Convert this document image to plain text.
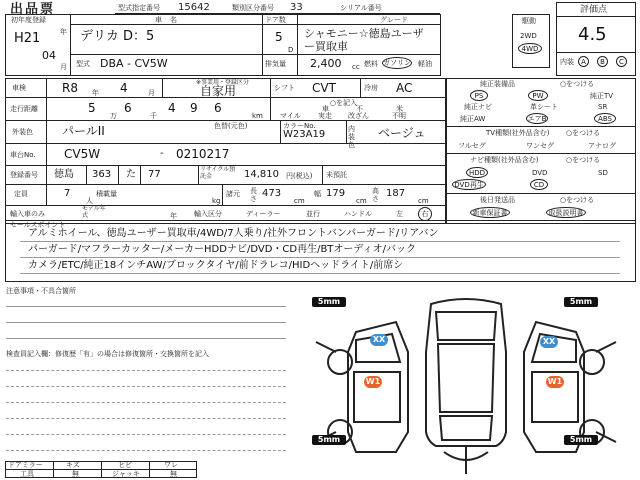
出品票	型式指定番号 15642	類別区分番号 33	シリアル番号
初年度登録
H21	年
04
月
車名
デリカ D：5
型式 DBA - CV5W
ドア数
5
D
グレード
シャモニー☆徳島ユーザー買取車
排気量 2,400 cc 燃料 ガソリン 軽油
駆動
2WD
4WD
評価点
4.5
内装	A	B	C
車検	R8 年 4	月
※事業用・登録区分
自家用	シフト CVT	冷房 AC
走行距離	5 6	4 9 6
万	千	km
○を記入
マイル 実走 改ざん	不明
車	不	米
外装色 パールII	色替(元色)	カラーNo.
W23A19	内装色
ベージュ
車台No. CV5W	- 0210217
登録番号 徳島 363 た 77	リサイクル預託金	14,810 円(税込) 未預託
定員	7
人
積載量
kg
諸元 長さ 473
cm
幅 179
cm
高さ 187
cm
輸入車のみ
モデル年式	年 輸入区分	ディーラー	並行	ハンドル	左	右
純正装備品	○をつける
PS	PW	純正TV
純正ナビ	革シート	SR
純正AW	エアB	ABS
TV種類(社外品含む) ○をつける
フルセグ	ワンセグ	アナログ
ナビ種類(社外品含む)	○をつける
HDD	DVD	SD
DVD再生	CD
後日発送品	○をつける
新車保証書	取扱説明書
セールスポイント
アルミホイール、徳島ユーザー買取車/4WD/7人乗り/社外フロントバンパーガード/リアバン
パーガード/マフラーカッター/メーカーHDDナビ/DVD・CD再生/BTオーディオ/バック
カメラ/ETC/純正18インチAW/ブロックタイヤ/前ドラレコ/HIDヘッドライト/前席シ
注意事項・不具合箇所
検査員記入欄：修復歴「有」の場合は修復箇所・交換箇所を記入
ドアミラー	キズ	ヒビ	ワレ
工具	無	ジャッキ	無
5mm	5mm
5mm	5mm
XX	XX
W1	W1
